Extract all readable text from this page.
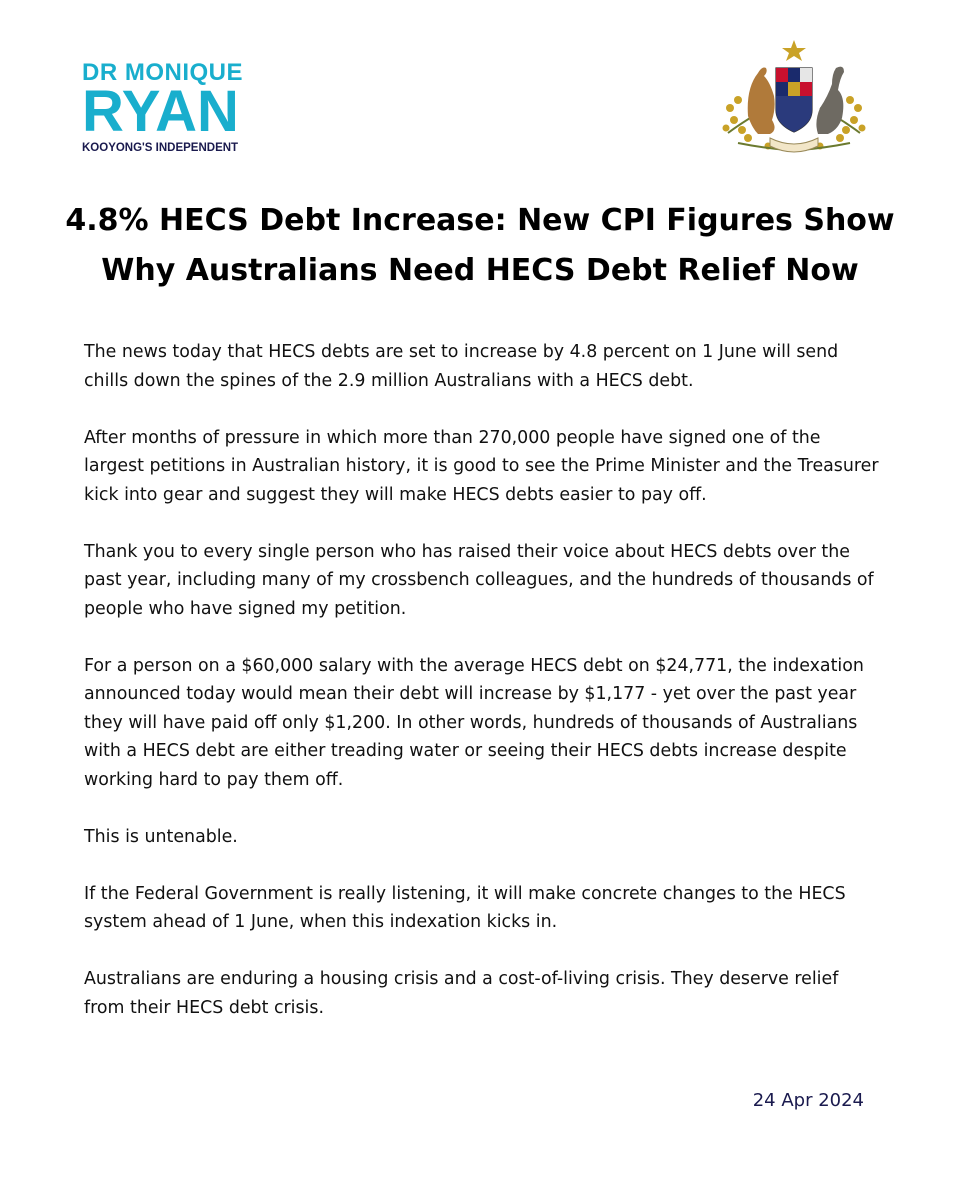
DR MONIQUE
RYAN
KOOYONG'S INDEPENDENT
4.8% HECS Debt Increase: New CPI Figures Show
Why Australians Need HECS Debt Relief Now

The news today that HECS debts are set to increase by 4.8 percent on 1 June will send chills down the spines of the 2.9 million Australians with a HECS debt.

After months of pressure in which more than 270,000 people have signed one of the largest petitions in Australian history, it is good to see the Prime Minister and the Treasurer kick into gear and suggest they will make HECS debts easier to pay off.

Thank you to every single person who has raised their voice about HECS debts over the past year, including many of my crossbench colleagues, and the hundreds of thousands of people who have signed my petition.

For a person on a $60,000 salary with the average HECS debt on $24,771, the indexation announced today would mean their debt will increase by $1,177 - yet over the past year they will have paid off only $1,200. In other words, hundreds of thousands of Australians with a HECS debt are either treading water or seeing their HECS debts increase despite working hard to pay them off.

This is untenable.

If the Federal Government is really listening, it will make concrete changes to the HECS system ahead of 1 June, when this indexation kicks in.

Australians are enduring a housing crisis and a cost-of-living crisis. They deserve relief from their HECS debt crisis.

24 Apr 2024
